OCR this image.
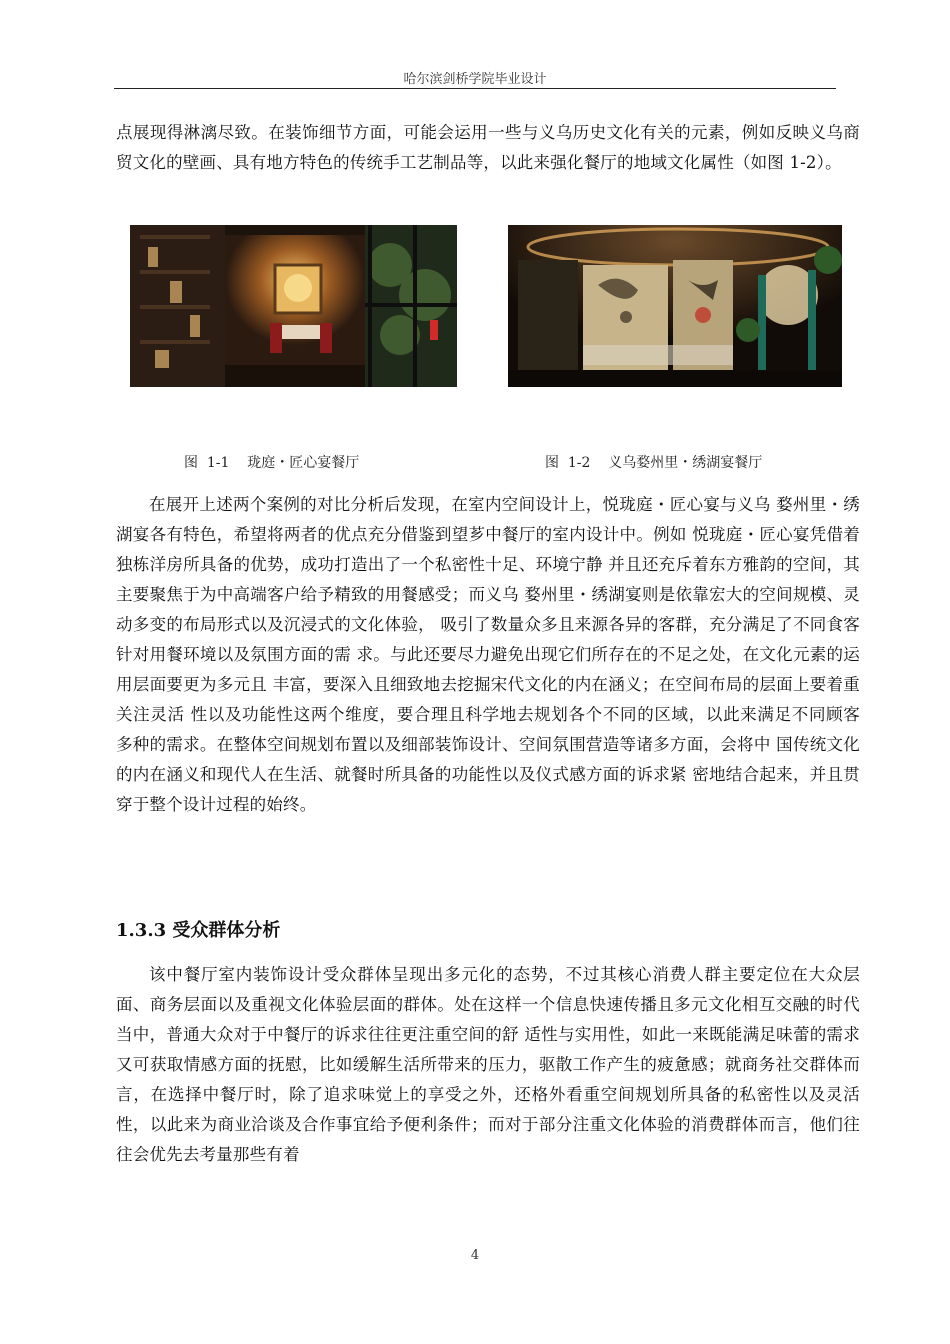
哈尔滨剑桥学院毕业设计

点展现得淋漓尽致。在装饰细节方面，可能会运用一些与义乌历史文化有关的元素，例如反映义乌商贸文化的壁画、具有地方特色的传统手工艺制品等，以此来强化餐厅的地域文化属性（如图 1-2）。

图  1-1    珑庭・匠心宴餐厅	图  1-2    义乌婺州里・绣湖宴餐厅

在展开上述两个案例的对比分析后发现，在室内空间设计上，悦珑庭・匠心宴与义乌 婺州里・绣湖宴各有特色，希望将两者的优点充分借鉴到望芗中餐厅的室内设计中。例如 悦珑庭・匠心宴凭借着独栋洋房所具备的优势，成功打造出了一个私密性十足、环境宁静 并且还充斥着东方雅韵的空间，其主要聚焦于为中高端客户给予精致的用餐感受；而义乌 婺州里・绣湖宴则是依靠宏大的空间规模、灵动多变的布局形式以及沉浸式的文化体验， 吸引了数量众多且来源各异的客群，充分满足了不同食客针对用餐环境以及氛围方面的需 求。与此还要尽力避免出现它们所存在的不足之处，在文化元素的运用层面要更为多元且 丰富，要深入且细致地去挖掘宋代文化的内在涵义；在空间布局的层面上要着重关注灵活 性以及功能性这两个维度，要合理且科学地去规划各个不同的区域，以此来满足不同顾客 多种的需求。在整体空间规划布置以及细部装饰设计、空间氛围营造等诸多方面，会将中 国传统文化的内在涵义和现代人在生活、就餐时所具备的功能性以及仪式感方面的诉求紧 密地结合起来，并且贯穿于整个设计过程的始终。

1.3.3 受众群体分析

该中餐厅室内装饰设计受众群体呈现出多元化的态势，不过其核心消费人群主要定位在大众层面、商务层面以及重视文化体验层面的群体。处在这样一个信息快速传播且多元文化相互交融的时代当中，普通大众对于中餐厅的诉求往往更注重空间的舒 适性与实用性，如此一来既能满足味蕾的需求又可获取情感方面的抚慰，比如缓解生活所带来的压力，驱散工作产生的疲惫感；就商务社交群体而言，在选择中餐厅时，除了追求味觉上的享受之外，还格外看重空间规划所具备的私密性以及灵活性，以此来为商业洽谈及合作事宜给予便利条件；而对于部分注重文化体验的消费群体而言，他们往往会优先去考量那些有着

4
